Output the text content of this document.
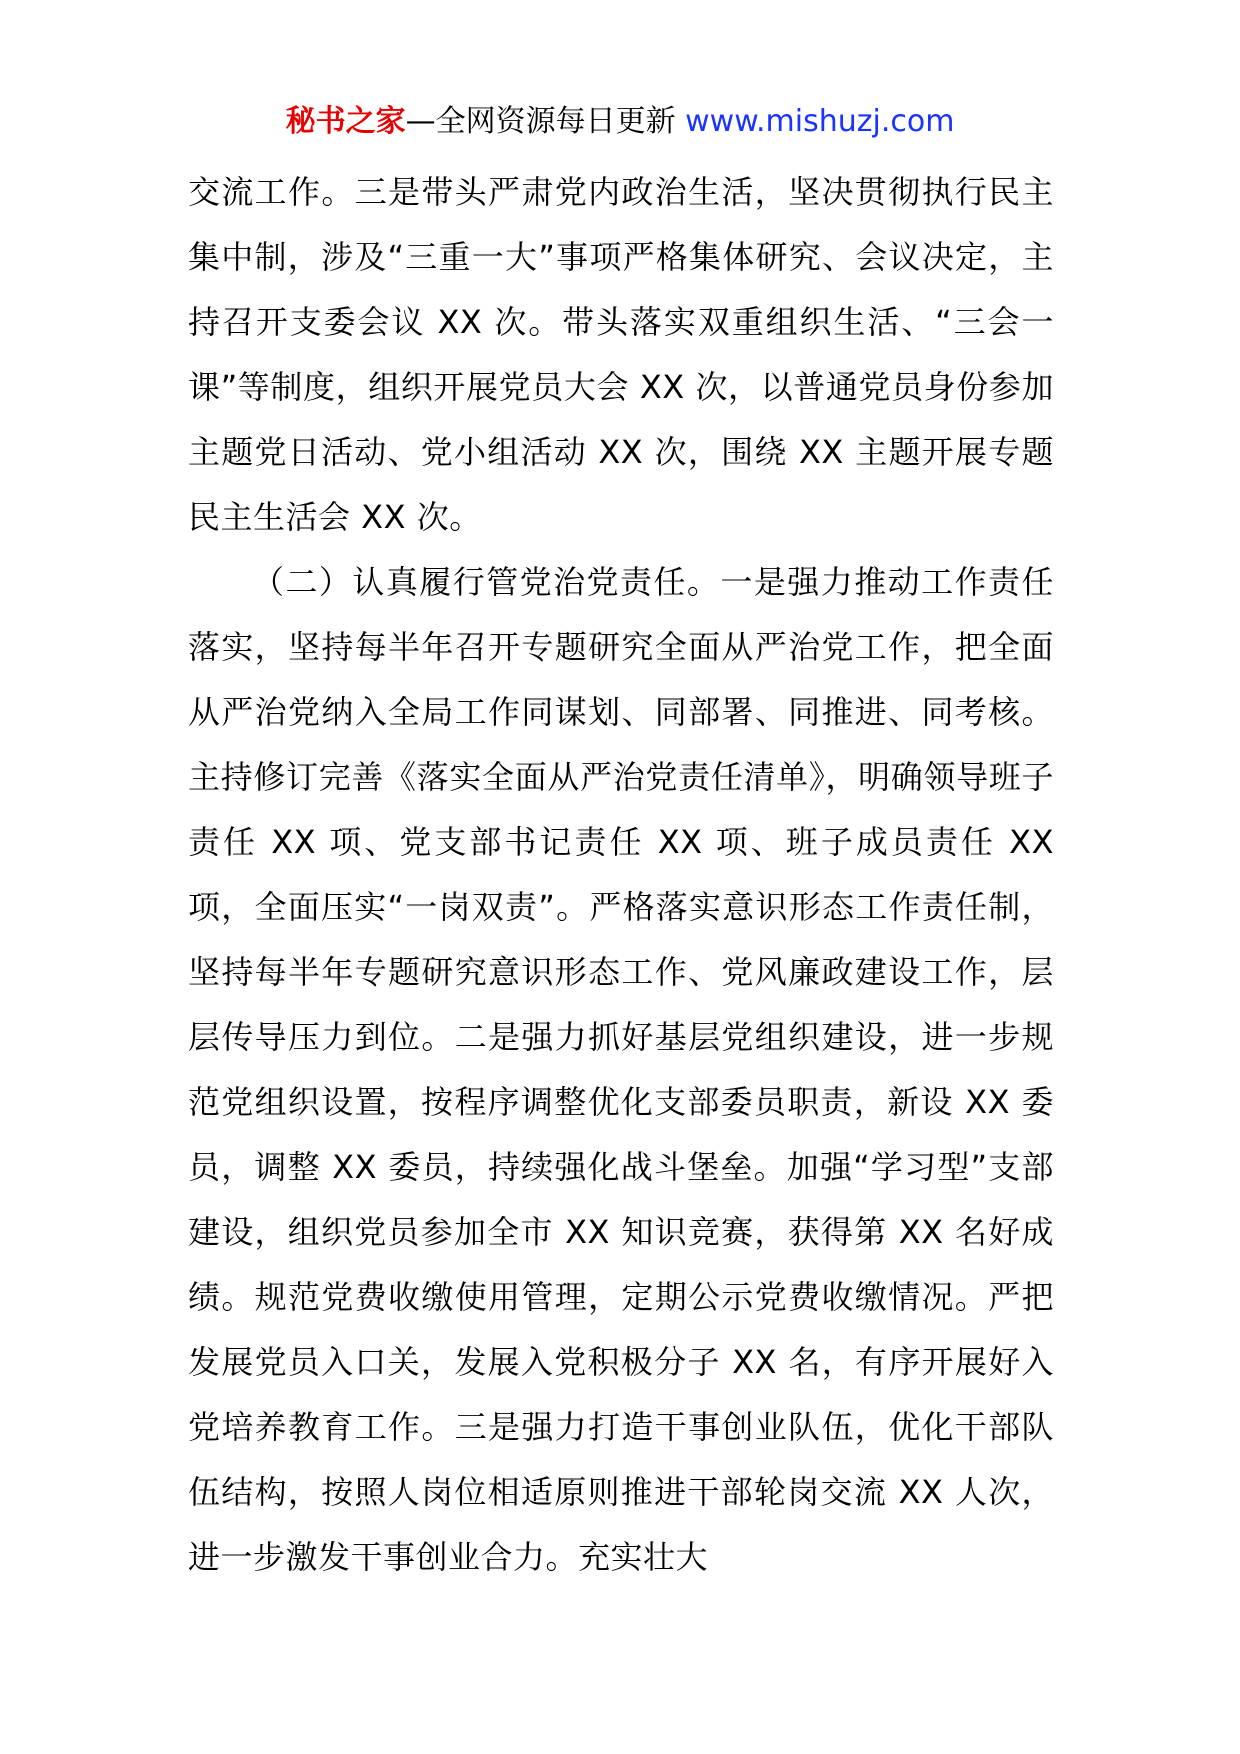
秘书之家—全网资源每日更新 www.mishuzj.com

交流工作。三是带头严肃党内政治生活，坚决贯彻执行民主集中制，涉及“三重一大”事项严格集体研究、会议决定，主持召开支委会议 XX 次。带头落实双重组织生活、“三会一课”等制度，组织开展党员大会 XX 次，以普通党员身份参加主题党日活动、党小组活动 XX 次，围绕 XX 主题开展专题民主生活会 XX 次。

（二）认真履行管党治党责任。一是强力推动工作责任落实，坚持每半年召开专题研究全面从严治党工作，把全面从严治党纳入全局工作同谋划、同部署、同推进、同考核。主持修订完善《落实全面从严治党责任清单》，明确领导班子责任 XX 项、党支部书记责任 XX 项、班子成员责任 XX 项，全面压实“一岗双责”。严格落实意识形态工作责任制，坚持每半年专题研究意识形态工作、党风廉政建设工作，层层传导压力到位。二是强力抓好基层党组织建设，进一步规范党组织设置，按程序调整优化支部委员职责，新设 XX 委员，调整 XX 委员，持续强化战斗堡垒。加强“学习型”支部建设，组织党员参加全市 XX 知识竞赛，获得第 XX 名好成绩。规范党费收缴使用管理，定期公示党费收缴情况。严把发展党员入口关，发展入党积极分子 XX 名，有序开展好入党培养教育工作。三是强力打造干事创业队伍，优化干部队伍结构，按照人岗位相适原则推进干部轮岗交流 XX 人次，进一步激发干事创业合力。充实壮大
